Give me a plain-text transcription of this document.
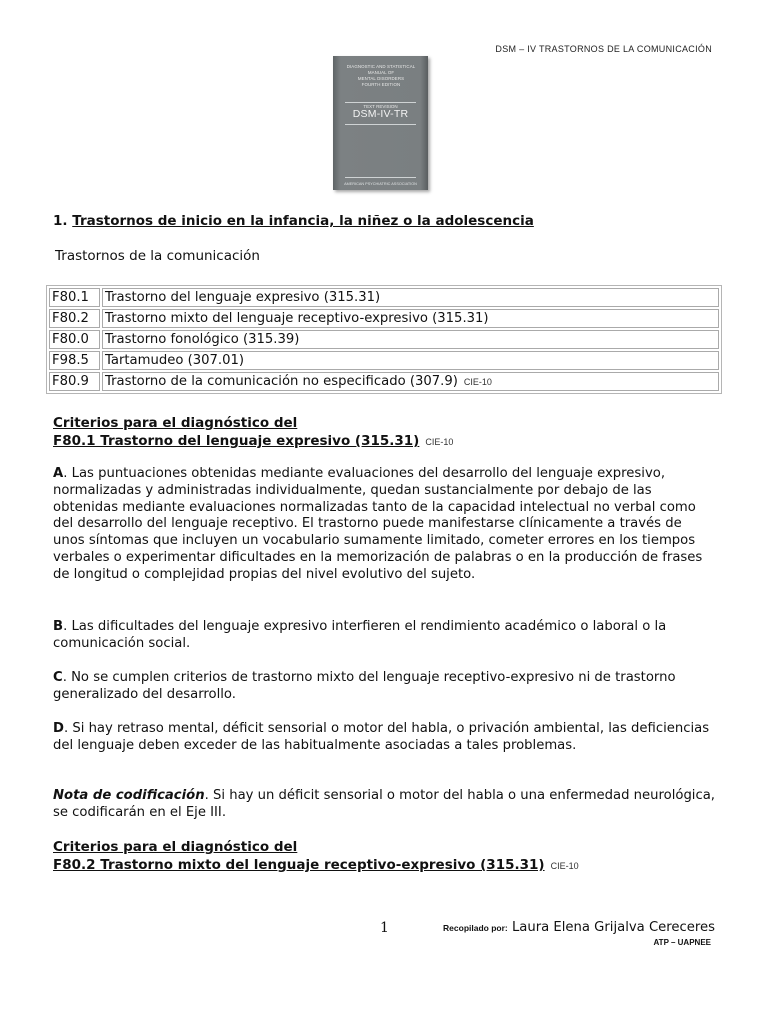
DSM – IV TRASTORNOS DE LA COMUNICACIÓN
DIAGNOSTIC AND STATISTICAL
MANUAL OF
MENTAL DISORDERS
FOURTH EDITION
TEXT REVISION
DSM-IV-TR
AMERICAN PSYCHIATRIC ASSOCIATION
1. Trastornos de inicio en la infancia, la niñez o la adolescencia
Trastornos de la comunicación
F80.1	Trastorno del lenguaje expresivo (315.31)
F80.2	Trastorno mixto del lenguaje receptivo-expresivo (315.31)
F80.0	Trastorno fonológico (315.39)
F98.5	Tartamudeo (307.01)
F80.9	Trastorno de la comunicación no especificado (307.9) CIE-10
Criterios para el diagnóstico del
F80.1 Trastorno del lenguaje expresivo (315.31) CIE-10
A. Las puntuaciones obtenidas mediante evaluaciones del desarrollo del lenguaje expresivo, normalizadas y administradas individualmente, quedan sustancialmente por debajo de las obtenidas mediante evaluaciones normalizadas tanto de la capacidad intelectual no verbal como del desarrollo del lenguaje receptivo. El trastorno puede manifestarse clínicamente a través de unos síntomas que incluyen un vocabulario sumamente limitado, cometer errores en los tiempos verbales o experimentar dificultades en la memorización de palabras o en la producción de frases de longitud o complejidad propias del nivel evolutivo del sujeto.
B. Las dificultades del lenguaje expresivo interfieren el rendimiento académico o laboral o la comunicación social.
C. No se cumplen criterios de trastorno mixto del lenguaje receptivo-expresivo ni de trastorno generalizado del desarrollo.
D. Si hay retraso mental, déficit sensorial o motor del habla, o privación ambiental, las deficiencias del lenguaje deben exceder de las habitualmente asociadas a tales problemas.
Nota de codificación. Si hay un déficit sensorial o motor del habla o una enfermedad neurológica, se codificarán en el Eje III.
Criterios para el diagnóstico del
F80.2 Trastorno mixto del lenguaje receptivo-expresivo (315.31) CIE-10
1	Recopilado por: Laura Elena Grijalva Cereceres
ATP – UAPNEE
